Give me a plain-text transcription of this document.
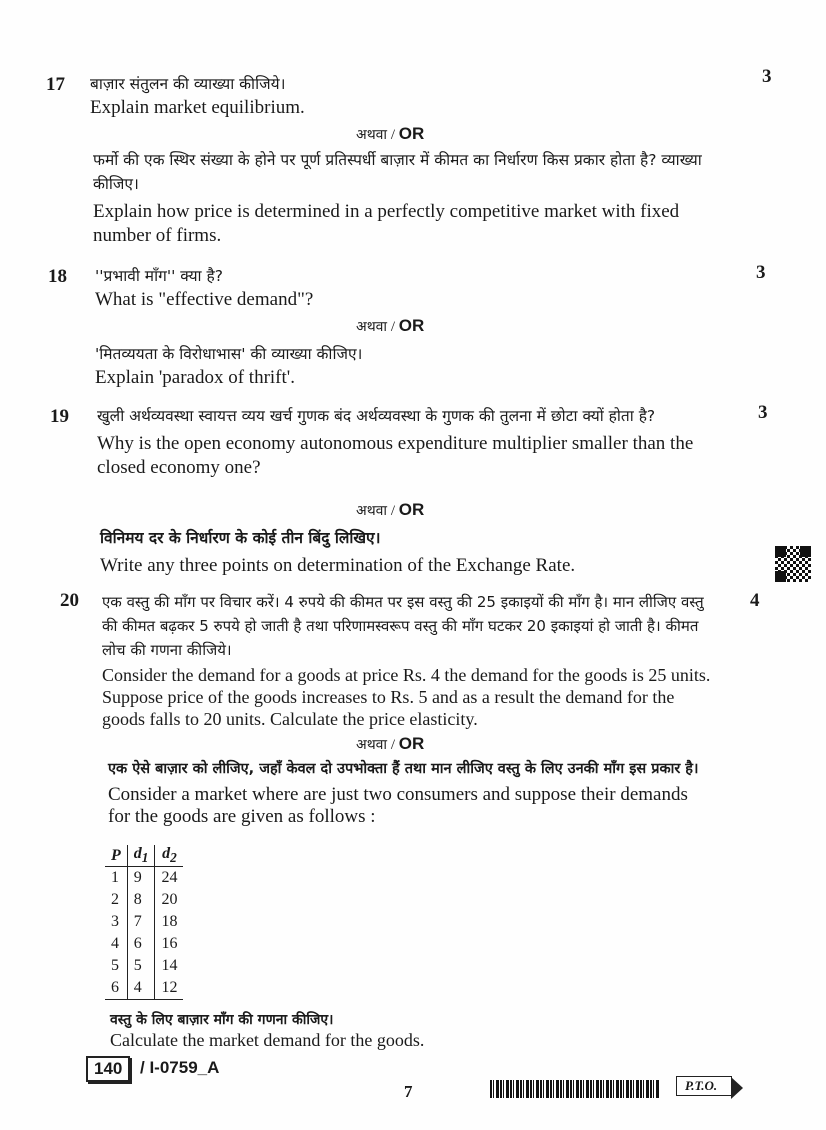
17	3
बाज़ार संतुलन की व्याख्या कीजिये।
Explain market equilibrium.
अथवा / OR
फर्मो की एक स्थिर संख्या के होने पर पूर्ण प्रतिस्पर्धी बाज़ार में कीमत का निर्धारण किस प्रकार होता है? व्याख्या कीजिए।
Explain how price is determined in a perfectly competitive market with fixed number of firms.
18	3
''प्रभावी माँग'' क्या है?
What is "effective demand"?
अथवा / OR
'मितव्ययता के विरोधाभास' की व्याख्या कीजिए।
Explain 'paradox of thrift'.
19	3
खुली अर्थव्यवस्था स्वायत्त व्यय खर्च गुणक बंद अर्थव्यवस्था के गुणक की तुलना में छोटा क्यों होता है?
Why is the open economy autonomous expenditure multiplier smaller than the closed economy one?
अथवा / OR
विनिमय दर के निर्धारण के कोई तीन बिंदु लिखिए।
Write any three points on determination of the Exchange Rate.
20	4
एक वस्तु की माँग पर विचार करें। 4 रुपये की कीमत पर इस वस्तु की 25 इकाइयों की माँग है। मान लीजिए वस्तु की कीमत बढ़कर 5 रुपये हो जाती है तथा परिणामस्वरूप वस्तु की माँग घटकर 20 इकाइयां हो जाती है। कीमत लोच की गणना कीजिये।
Consider the demand for a goods at price Rs. 4 the demand for the goods is 25 units. Suppose price of the goods increases to Rs. 5 and as a result the demand for the goods falls to 20 units. Calculate the price elasticity.
अथवा / OR
एक ऐसे बाज़ार को लीजिए, जहाँ केवल दो उपभोक्ता हैं तथा मान लीजिए वस्तु के लिए उनकी माँग इस प्रकार है।
Consider a market where are just two consumers and suppose their demands for the goods are given as follows :
P	$d_1$	$d_2$
1	9	24
2	8	20
3	7	18
4	6	16
5	5	14
6	4	12
वस्तु के लिए बाज़ार माँग की गणना कीजिए।
Calculate the market demand for the goods.
140	/ I-0759_A
7	P.T.O.
